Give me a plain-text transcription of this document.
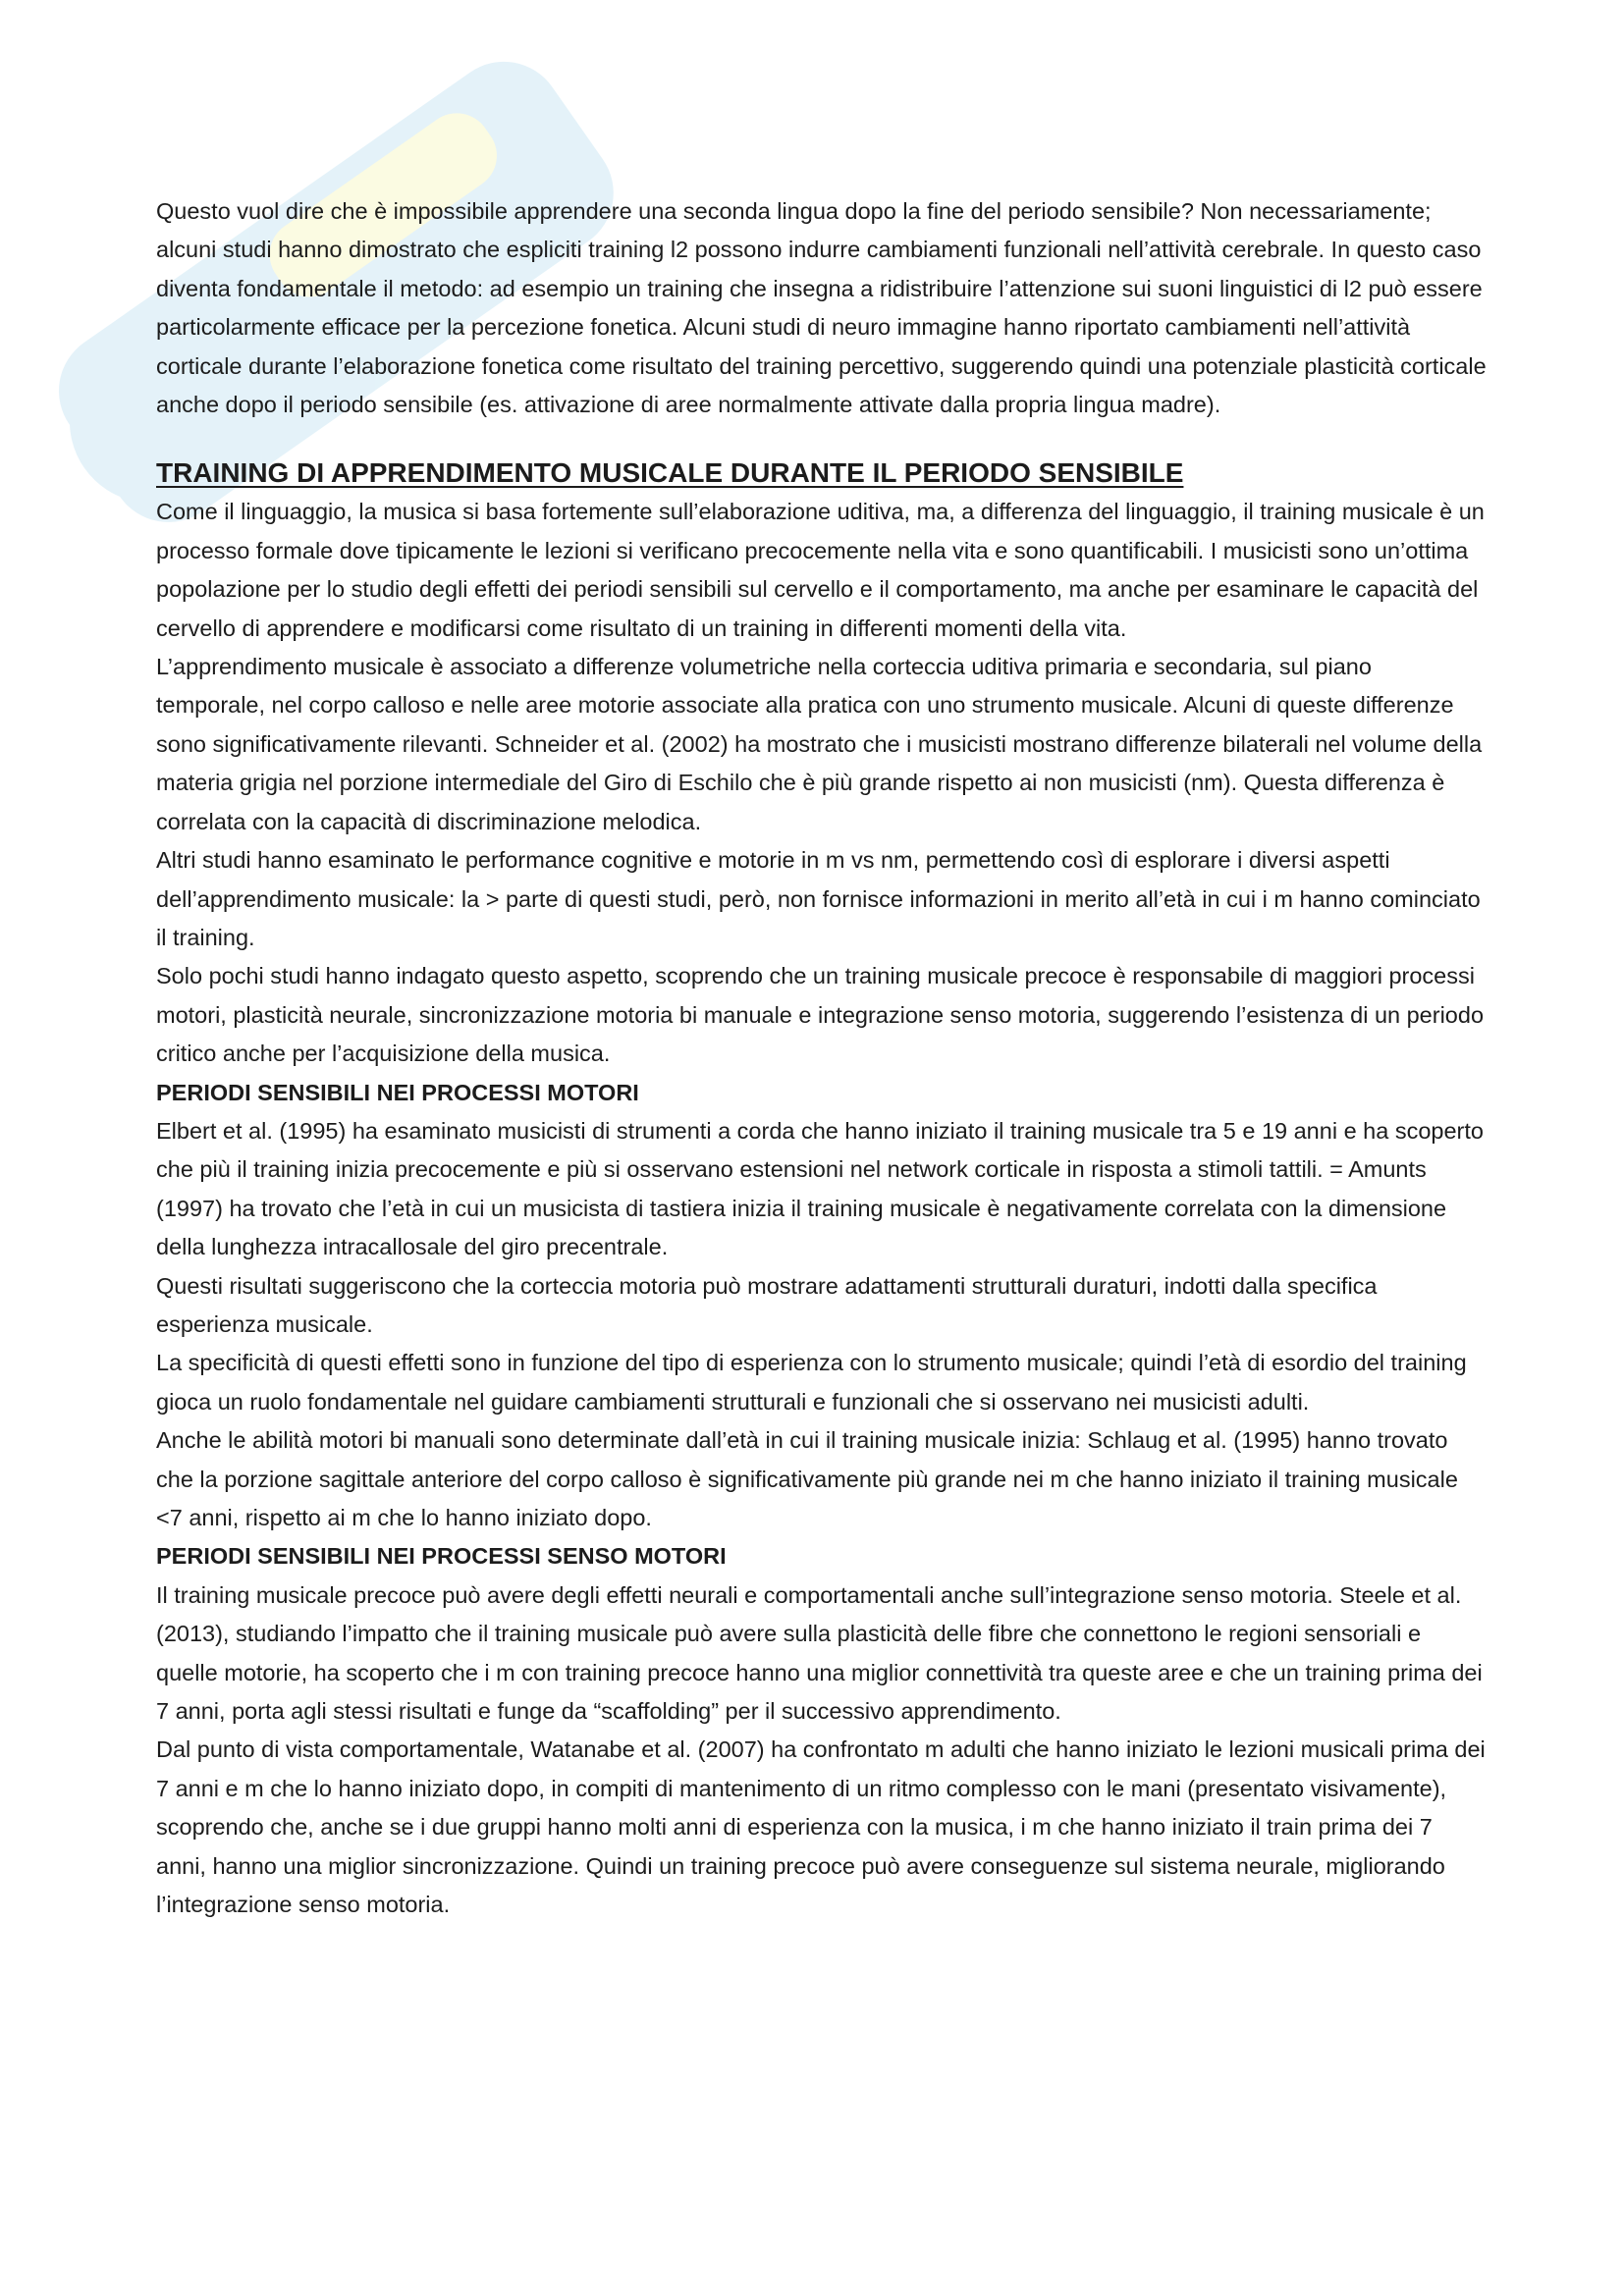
Questo vuol dire che è impossibile apprendere una seconda lingua dopo la fine del periodo sensibile? Non necessariamente; alcuni studi hanno dimostrato che espliciti training l2 possono indurre cambiamenti funzionali nell’attività cerebrale. In questo caso diventa fondamentale il metodo: ad esempio un training che insegna a ridistribuire l’attenzione sui suoni linguistici di l2 può essere particolarmente efficace per la percezione fonetica. Alcuni studi di neuro immagine hanno riportato cambiamenti nell’attività corticale durante l’elaborazione fonetica come risultato del training percettivo, suggerendo quindi una potenziale plasticità corticale anche dopo il periodo sensibile (es. attivazione di aree normalmente attivate dalla propria lingua madre).

TRAINING DI APPRENDIMENTO MUSICALE DURANTE IL PERIODO SENSIBILE

Come il linguaggio, la musica si basa fortemente sull’elaborazione uditiva, ma, a differenza del linguaggio, il training musicale è un processo formale dove tipicamente le lezioni si verificano precocemente nella vita e sono quantificabili. I musicisti sono un’ottima popolazione per lo studio degli effetti dei periodi sensibili sul cervello e il comportamento, ma anche per esaminare le capacità del cervello di apprendere e modificarsi come risultato di un training in differenti momenti della vita.

L’apprendimento musicale è associato a differenze volumetriche nella corteccia uditiva primaria e secondaria, sul piano temporale, nel corpo calloso e nelle aree motorie associate alla pratica con uno strumento musicale. Alcuni di queste differenze sono significativamente rilevanti. Schneider et al. (2002) ha mostrato che i musicisti mostrano differenze bilaterali nel volume della materia grigia nel porzione intermediale del Giro di Eschilo che è più grande rispetto ai non musicisti (nm). Questa differenza è correlata con la capacità di discriminazione melodica.

Altri studi hanno esaminato le performance cognitive e motorie in m vs nm, permettendo così di esplorare i diversi aspetti dell’apprendimento musicale: la > parte di questi studi, però, non fornisce informazioni in merito all’età in cui i m hanno cominciato il training.

Solo pochi studi hanno indagato questo aspetto, scoprendo che un training musicale precoce è responsabile di maggiori processi motori, plasticità neurale, sincronizzazione motoria bi manuale e integrazione senso motoria, suggerendo l’esistenza di un periodo critico anche per l’acquisizione della musica.

PERIODI SENSIBILI NEI PROCESSI MOTORI

Elbert et al. (1995) ha esaminato musicisti di strumenti a corda che hanno iniziato il training musicale tra 5 e 19 anni e ha scoperto che più il training inizia precocemente e più si osservano estensioni nel network corticale in risposta a stimoli tattili. = Amunts (1997) ha trovato che l’età in cui un musicista di tastiera inizia il training musicale è negativamente correlata con la dimensione della lunghezza intracallosale del giro precentrale.

Questi risultati suggeriscono che la corteccia motoria può mostrare adattamenti strutturali duraturi, indotti dalla specifica esperienza musicale.

La specificità di questi effetti sono in funzione del tipo di esperienza con lo strumento musicale; quindi l’età di esordio del training gioca un ruolo fondamentale nel guidare cambiamenti strutturali e funzionali che si osservano nei musicisti adulti.

Anche le abilità motori bi manuali sono determinate dall’età in cui il training musicale inizia: Schlaug et al. (1995) hanno trovato che la porzione sagittale anteriore del corpo calloso è significativamente più grande nei m che hanno iniziato il training musicale <7 anni, rispetto ai m che lo hanno iniziato dopo.

PERIODI SENSIBILI NEI PROCESSI SENSO MOTORI

Il training musicale precoce può avere degli effetti neurali e comportamentali anche sull’integrazione senso motoria. Steele et al. (2013), studiando l’impatto che il training musicale può avere sulla plasticità delle fibre che connettono le regioni sensoriali e quelle motorie, ha scoperto che i m con training precoce hanno una miglior connettività tra queste aree e che un training prima dei 7 anni, porta agli stessi risultati e funge da “scaffolding” per il successivo apprendimento.

Dal punto di vista comportamentale, Watanabe et al. (2007) ha confrontato m adulti che hanno iniziato le lezioni musicali prima dei 7 anni e m che lo hanno iniziato dopo, in compiti di mantenimento di un ritmo complesso con le mani (presentato visivamente), scoprendo che, anche se i due gruppi hanno molti anni di esperienza con la musica, i m che hanno iniziato il train prima dei 7 anni, hanno una miglior sincronizzazione. Quindi un training precoce può avere conseguenze sul sistema neurale, migliorando l’integrazione senso motoria.
